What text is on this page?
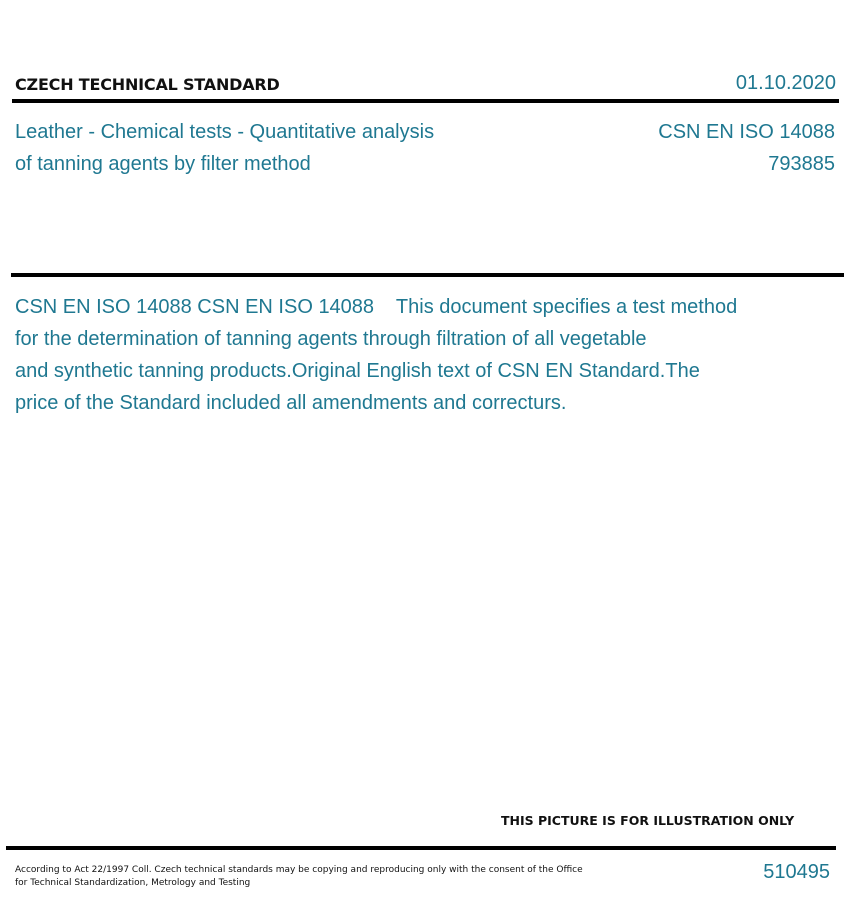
CZECH TECHNICAL STANDARD	01.10.2020
Leather - Chemical tests - Quantitative analysis
of tanning agents by filter method
CSN EN ISO 14088
793885
CSN EN ISO 14088 CSN EN ISO 14088    This document specifies a test method
for the determination of tanning agents through filtration of all vegetable
and synthetic tanning products.Original English text of CSN EN Standard.The
price of the Standard included all amendments and correcturs.
THIS PICTURE IS FOR ILLUSTRATION ONLY
According to Act 22/1997 Coll. Czech technical standards may be copying and reproducing only with the consent of the Office
for Technical Standardization, Metrology and Testing	510495
